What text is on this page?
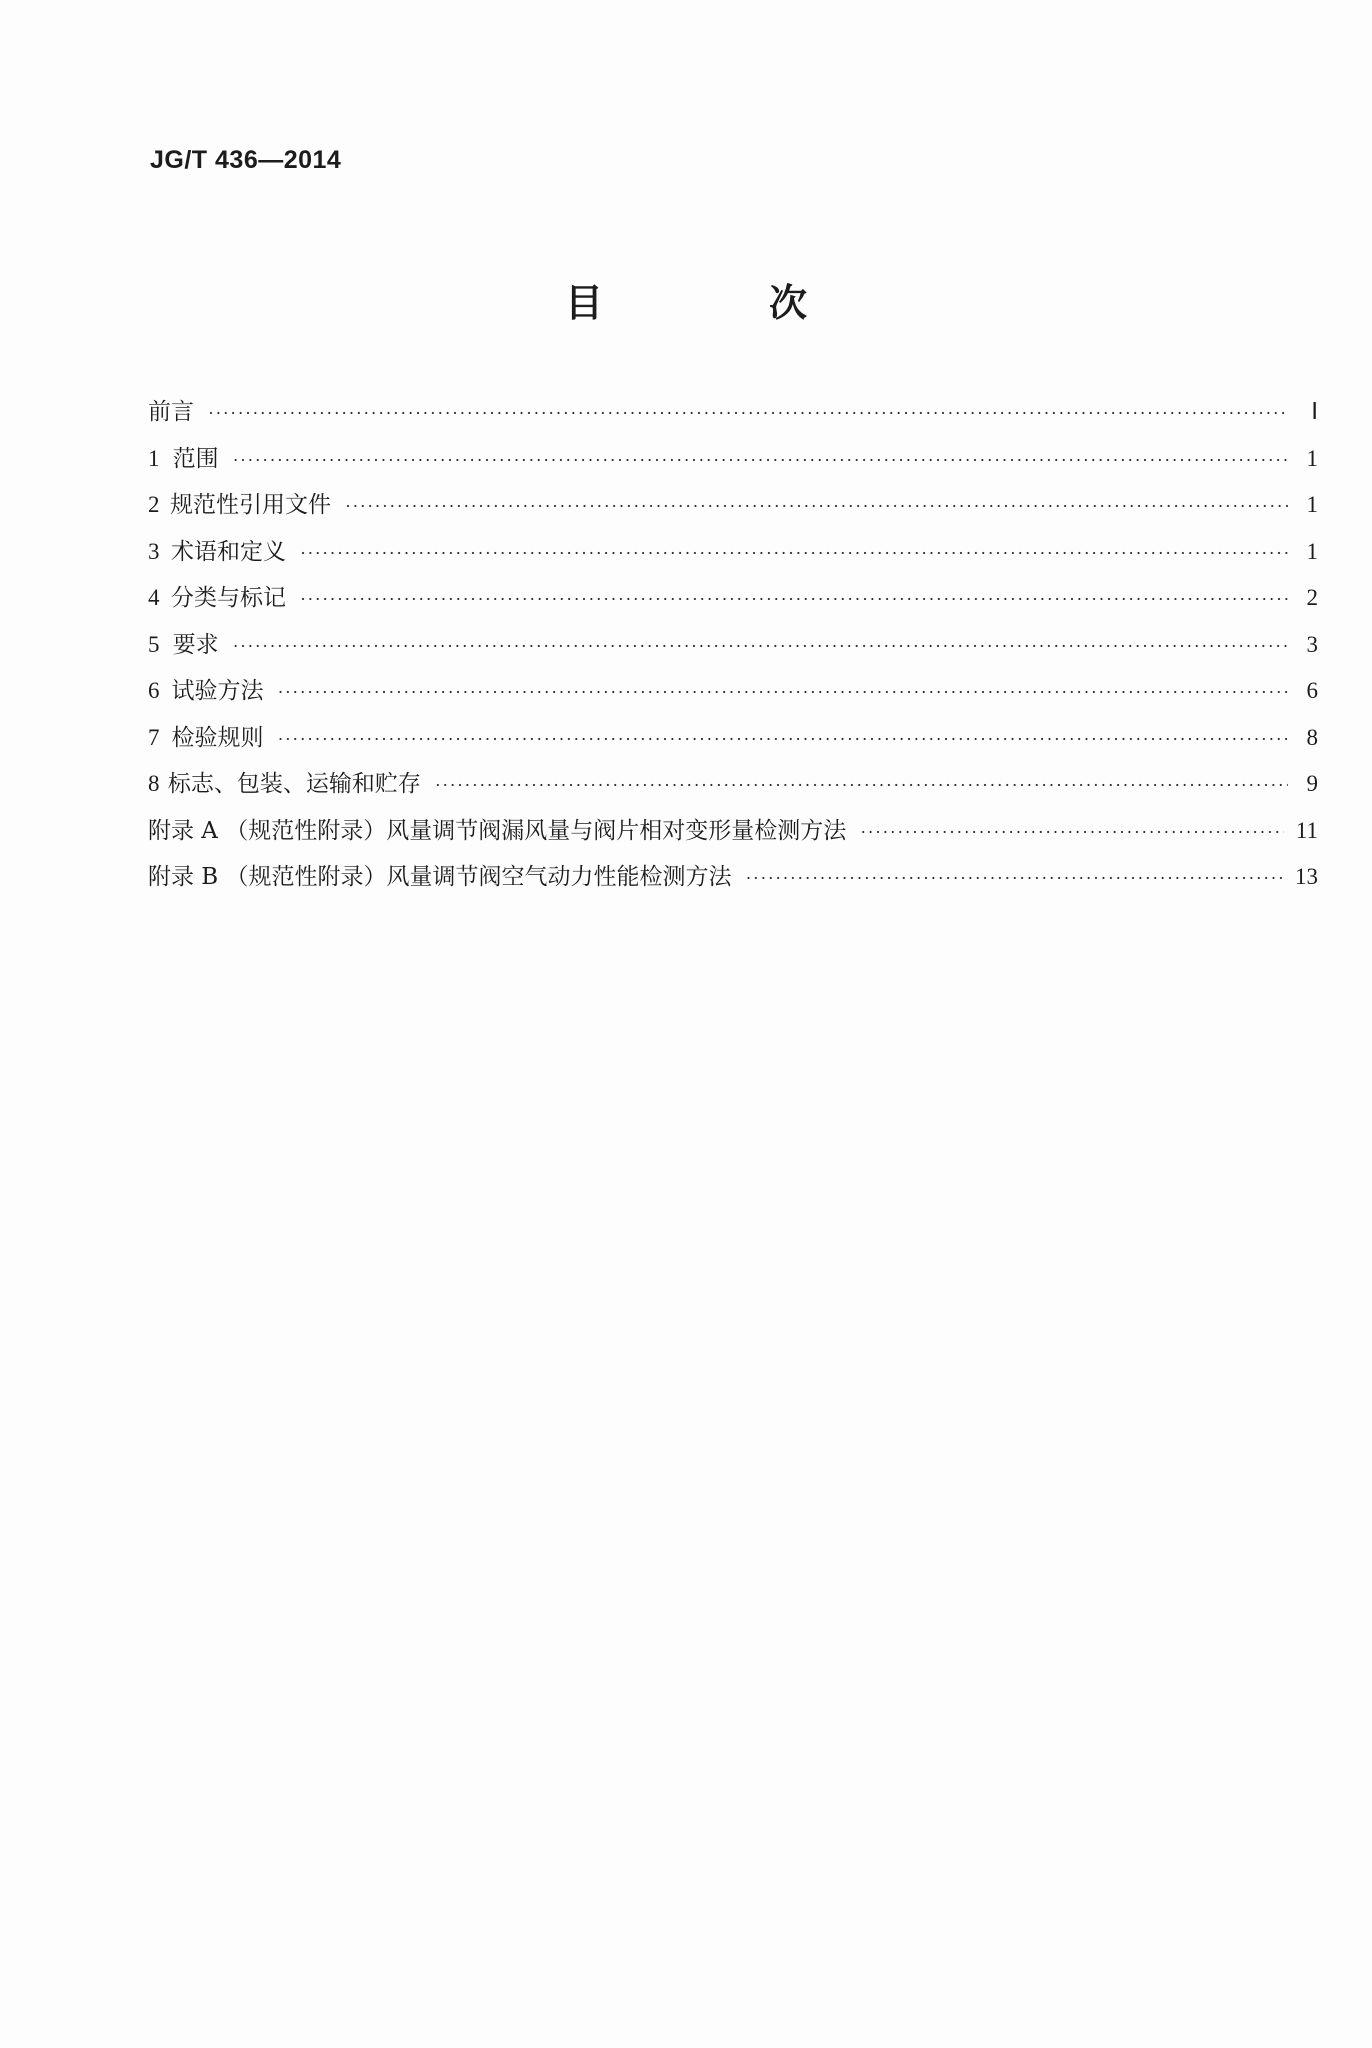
JG/T 436—2014
目　次
前言 ·····	Ⅰ
1 范围 ·····	1
2 规范性引用文件 ·····	1
3 术语和定义 ·····	1
4 分类与标记 ·····	2
5 要求 ·····	3
6 试验方法 ·····	6
7 检验规则 ·····	8
8 标志、包装、运输和贮存 ·····	9
附录 A （规范性附录）风量调节阀漏风量与阀片相对变形量检测方法 ·····	11
附录 B （规范性附录）风量调节阀空气动力性能检测方法 ·····	13
